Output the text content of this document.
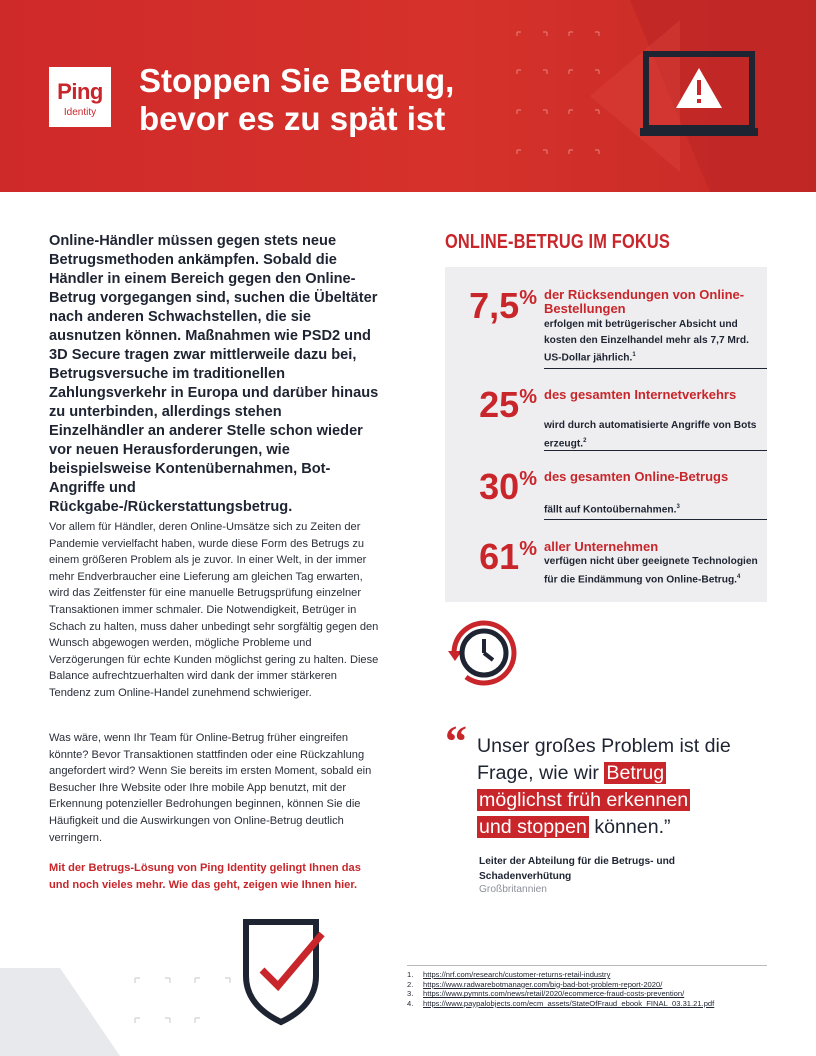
Ping
Identity
Stoppen Sie Betrug,
bevor es zu spät ist
Online-Händler müssen gegen stets neue Betrugsmethoden ankämpfen. Sobald die Händler in einem Bereich gegen den Online-Betrug vorgegangen sind, suchen die Übeltäter nach anderen Schwachstellen, die sie ausnutzen können. Maßnahmen wie PSD2 und 3D Secure tragen zwar mittlerweile dazu bei, Betrugsversuche im traditionellen Zahlungsverkehr in Europa und darüber hinaus zu unterbinden, allerdings stehen Einzelhändler an anderer Stelle schon wieder vor neuen Herausforderungen, wie beispielsweise Kontenübernahmen, Bot-Angriffe und Rückgabe-/Rückerstattungsbetrug.
Vor allem für Händler, deren Online-Umsätze sich zu Zeiten der Pandemie vervielfacht haben, wurde diese Form des Betrugs zu einem größeren Problem als je zuvor. In einer Welt, in der immer mehr Endverbraucher eine Lieferung am gleichen Tag erwarten, wird das Zeitfenster für eine manuelle Betrugsprüfung einzelner Transaktionen immer schmaler. Die Notwendigkeit, Betrüger in Schach zu halten, muss daher unbedingt sehr sorgfältig gegen den Wunsch abgewogen werden, mögliche Probleme und Verzögerungen für echte Kunden möglichst gering zu halten. Diese Balance aufrechtzuerhalten wird dank der immer stärkeren Tendenz zum Online-Handel zunehmend schwieriger.
Was wäre, wenn Ihr Team für Online-Betrug früher eingreifen könnte? Bevor Transaktionen stattfinden oder eine Rückzahlung angefordert wird? Wenn Sie bereits im ersten Moment, sobald ein Besucher Ihre Website oder Ihre mobile App benutzt, mit der Erkennung potenzieller Bedrohungen beginnen, können Sie die Häufigkeit und die Auswirkungen von Online-Betrug deutlich verringern.
Mit der Betrugs-Lösung von Ping Identity gelingt Ihnen das und noch vieles mehr. Wie das geht, zeigen wie Ihnen hier.
ONLINE-BETRUG IM FOKUS
7,5% der Rücksendungen von Online-Bestellungen
erfolgen mit betrügerischer Absicht und kosten den Einzelhandel mehr als 7,7 Mrd. US-Dollar jährlich.$^1$
25% des gesamten Internetverkehrs
wird durch automatisierte Angriffe von Bots erzeugt.$^2$
30% des gesamten Online-Betrugs
fällt auf Kontoübernahmen.$^3$
61% aller Unternehmen
verfügen nicht über geeignete Technologien für die Eindämmung von Online-Betrug.$^4$
“ Unser großes Problem ist die Frage, wie wir Betrug
möglichst früh erkennen
und stoppen können.”
Leiter der Abteilung für die Betrugs- und Schadenverhütung
Großbritannien
1.	https://nrf.com/research/customer-returns-retail-industry
2.	https://www.radwarebotmanager.com/big-bad-bot-problem-report-2020/
3.	https://www.pymnts.com/news/retail/2020/ecommerce-fraud-costs-prevention/
4.	https://www.paypalobjects.com/ecm_assets/StateOfFraud_ebook_FINAL_03.31.21.pdf
